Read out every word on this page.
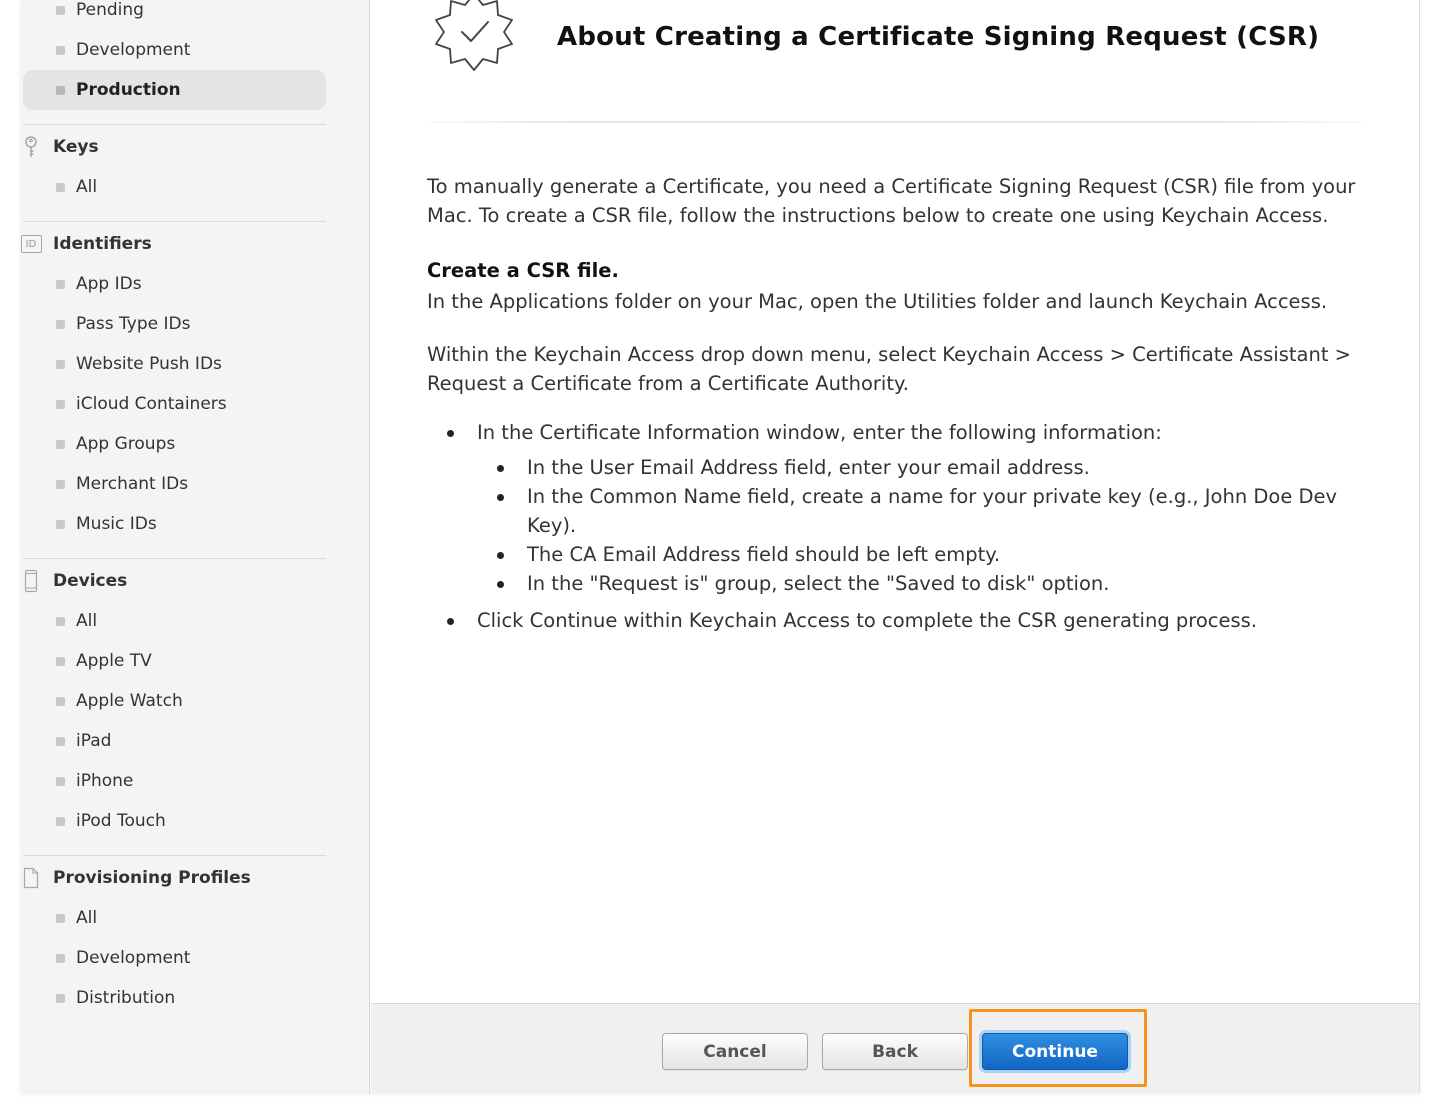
Pending
Development
Production
Keys
All
ID Identifiers
App IDs
Pass Type IDs
Website Push IDs
iCloud Containers
App Groups
Merchant IDs
Music IDs
Devices
All
Apple TV
Apple Watch
iPad
iPhone
iPod Touch
Provisioning Profiles
All
Development
Distribution
About Creating a Certificate Signing Request (CSR)

To manually generate a Certificate, you need a Certificate Signing Request (CSR) file from your Mac. To create a CSR file, follow the instructions below to create one using Keychain Access.

Create a CSR file.

In the Applications folder on your Mac, open the Utilities folder and launch Keychain Access.

Within the Keychain Access drop down menu, select Keychain Access > Certificate Assistant > Request a Certificate from a Certificate Authority.

In the Certificate Information window, enter the following information:
In the User Email Address field, enter your email address.
In the Common Name field, create a name for your private key (e.g., John Doe Dev Key).
The CA Email Address field should be left empty.
In the "Request is" group, select the "Saved to disk" option.
Click Continue within Keychain Access to complete the CSR generating process.
Cancel	Back	Continue
